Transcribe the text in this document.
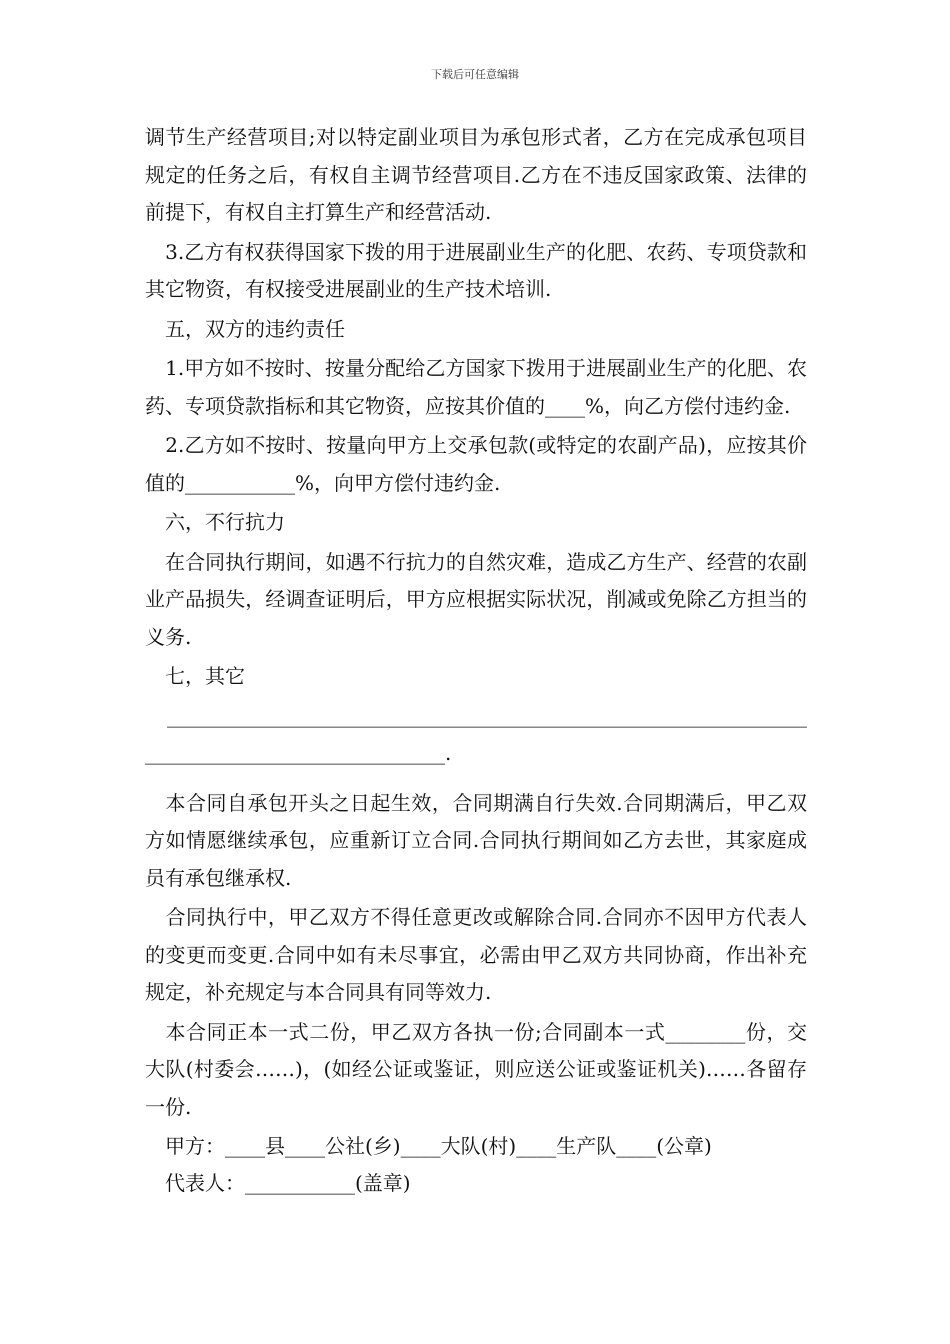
下载后可任意编辑

调节生产经营项目;对以特定副业项目为承包形式者，乙方在完成承包项目规定的任务之后，有权自主调节经营项目.乙方在不违反国家政策、法律的前提下，有权自主打算生产和经营活动.

　3.乙方有权获得国家下拨的用于进展副业生产的化肥、农药、专项贷款和其它物资，有权接受进展副业的生产技术培训.

　五，双方的违约责任

　1.甲方如不按时、按量分配给乙方国家下拨用于进展副业生产的化肥、农药、专项贷款指标和其它物资，应按其价值的____%，向乙方偿付违约金.

　2.乙方如不按时、按量向甲方上交承包款(或特定的农副产品)，应按其价值的___________%，向甲方偿付违约金.

　六，不行抗力

　在合同执行期间，如遇不行抗力的自然灾难，造成乙方生产、经营的农副业产品损失，经调查证明后，甲方应根据实际状况，削减或免除乙方担当的义务.

　七，其它

　______________________________________________________________________________________________.

　本合同自承包开头之日起生效，合同期满自行失效.合同期满后，甲乙双方如情愿继续承包，应重新订立合同.合同执行期间如乙方去世，其家庭成员有承包继承权.

　合同执行中，甲乙双方不得任意更改或解除合同.合同亦不因甲方代表人的变更而变更.合同中如有未尽事宜，必需由甲乙双方共同协商，作出补充规定，补充规定与本合同具有同等效力.

　本合同正本一式二份，甲乙双方各执一份;合同副本一式________份，交大队(村委会……)，(如经公证或鉴证，则应送公证或鉴证机关)……各留存一份.

甲方：____县____公社(乡)____大队(村)____生产队____(公章)

代表人：___________(盖章)
